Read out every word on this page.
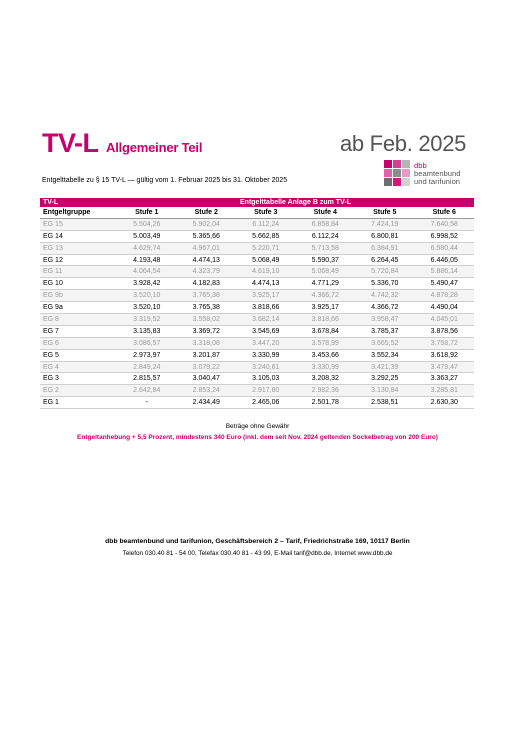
TV-L Allgemeiner Teil	ab Feb. 2025
Entgelttabelle zu § 15 TV-L — gültig vom 1. Februar 2025 bis 31. Oktober 2025
dbb
beamtenbund
und tarifunion
TV-L	Entgelttabelle Anlage B zum TV-L					
Entgeltgruppe	Stufe 1	Stufe 2	Stufe 3	Stufe 4	Stufe 5	Stufe 6
EG 15	5.504,26	5.902,04	6.112,24	6.858,84	7.424,19	7.640,58
EG 14	5.003,49	5.365,66	5.662,85	6.112,24	6.800,81	6.998,52
EG 13	4.629,74	4.967,01	5.220,71	5.713,58	6.384,91	6.580,44
EG 12	4.193,48	4.474,13	5.068,49	5.590,37	6.264,45	6.446,05
EG 11	4.064,54	4.323,79	4.619,10	5.068,49	5.720,84	5.886,14
EG 10	3.928,42	4.182,83	4.474,13	4.771,29	5.336,70	5.490,47
EG 9b	3.520,10	3.765,38	3.925,17	4.366,72	4.742,32	4.878,28
EG 9a	3.520,10	3.765,38	3.818,66	3.925,17	4.366,72	4.490,04
EG 8	3.319,52	3.558,02	3.682,14	3.818,66	3.958,47	4.045,01
EG 7	3.135,83	3.369,72	3.545,69	3.678,84	3.785,37	3.878,56
EG 6	3.086,57	3.318,08	3.447,20	3.578,99	3.665,52	3.758,72
EG 5	2.973,97	3.201,87	3.330,99	3.453,66	3.552,34	3.618,92
EG 4	2.849,24	3.079,22	3.240,61	3.330,99	3.421,39	3.479,47
EG 3	2.815,57	3.040,47	3.105,03	3.208,32	3.292,25	3.363,27
EG 2	2.642,84	2.853,24	2.917,80	2.982,36	3.130,84	3.285,81
EG 1	-	2.434,49	2.465,06	2.501,78	2.538,51	2.630,30
Beträge ohne Gewähr
Entgeltanhebung + 5,5 Prozent, mindestens 340 Euro (inkl. dem seit Nov. 2024 geltenden Sockelbetrag von 200 Euro)
dbb beamtenbund und tarifunion, Geschäftsbereich 2 – Tarif, Friedrichstraße 169, 10117 Berlin
Telefon 030.40 81 - 54 00, Telefax 030.40 81 - 43 99, E-Mail tarif@dbb.de, Internet www.dbb.de
